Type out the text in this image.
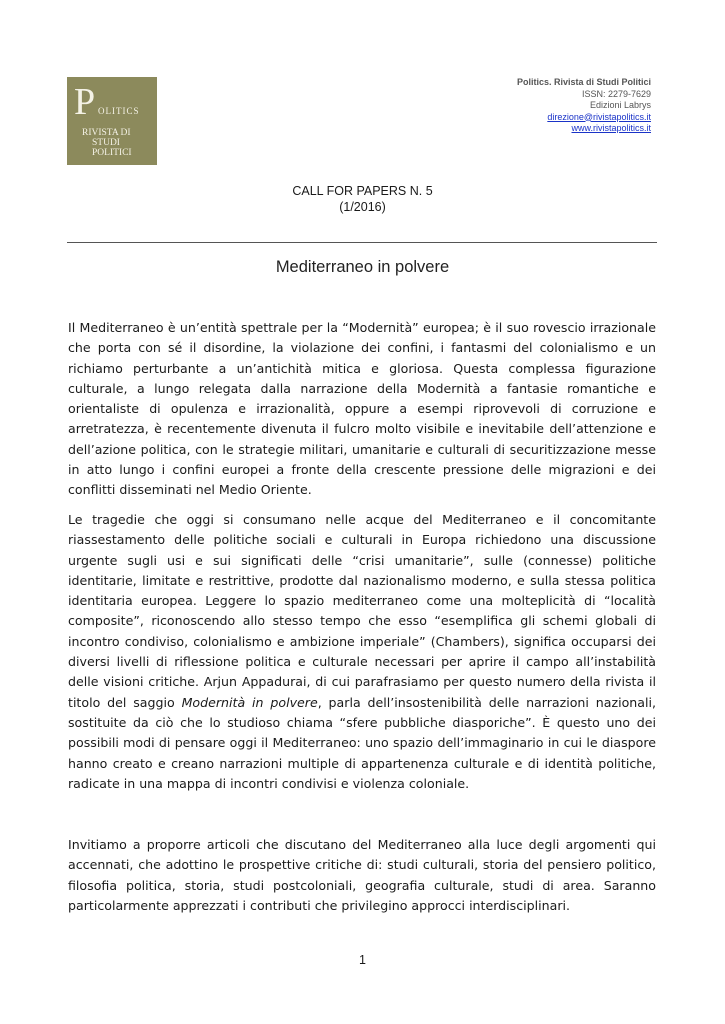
P OLITICS
RIVISTA DI
STUDI
POLITICI
Politics. Rivista di Studi Politici
ISSN: 2279-7629
Edizioni Labrys
direzione@rivistapolitics.it
www.rivistapolitics.it
CALL FOR PAPERS N. 5
(1/2016)
Mediterraneo in polvere

Il Mediterraneo è un’entità spettrale per la “Modernità” europea; è il suo rovescio irrazionale che porta con sé il disordine, la violazione dei confini, i fantasmi del colonialismo e un richiamo perturbante a un’antichità mitica e gloriosa. Questa complessa figurazione culturale, a lungo relegata dalla narrazione della Modernità a fantasie romantiche e orientaliste di opulenza e irrazionalità, oppure a esempi riprovevoli di corruzione e arretratezza, è recentemente divenuta il fulcro molto visibile e inevitabile dell’attenzione e dell’azione politica, con le strategie militari, umanitarie e culturali di securitizzazione messe in atto lungo i confini europei a fronte della crescente pressione delle migrazioni e dei conflitti disseminati nel Medio Oriente.

Le tragedie che oggi si consumano nelle acque del Mediterraneo e il concomitante riassestamento delle politiche sociali e culturali in Europa richiedono una discussione urgente sugli usi e sui significati delle “crisi umanitarie”, sulle (connesse) politiche identitarie, limitate e restrittive, prodotte dal nazionalismo moderno, e sulla stessa politica identitaria europea. Leggere lo spazio mediterraneo come una molteplicità di “località composite”, riconoscendo allo stesso tempo che esso “esemplifica gli schemi globali di incontro condiviso, colonialismo e ambizione imperiale” (Chambers), significa occuparsi dei diversi livelli di riflessione politica e culturale necessari per aprire il campo all’instabilità delle visioni critiche. Arjun Appadurai, di cui parafrasiamo per questo numero della rivista il titolo del saggio Modernità in polvere, parla dell’insostenibilità delle narrazioni nazionali, sostituite da ciò che lo studioso chiama “sfere pubbliche diasporiche”. È questo uno dei possibili modi di pensare oggi il Mediterraneo: uno spazio dell’immaginario in cui le diaspore hanno creato e creano narrazioni multiple di appartenenza culturale e di identità politiche, radicate in una mappa di incontri condivisi e violenza coloniale.

Invitiamo a proporre articoli che discutano del Mediterraneo alla luce degli argomenti qui accennati, che adottino le prospettive critiche di: studi culturali, storia del pensiero politico, filosofia politica, storia, studi postcoloniali, geografia culturale, studi di area. Saranno particolarmente apprezzati i contributi che privilegino approcci interdisciplinari.

1
